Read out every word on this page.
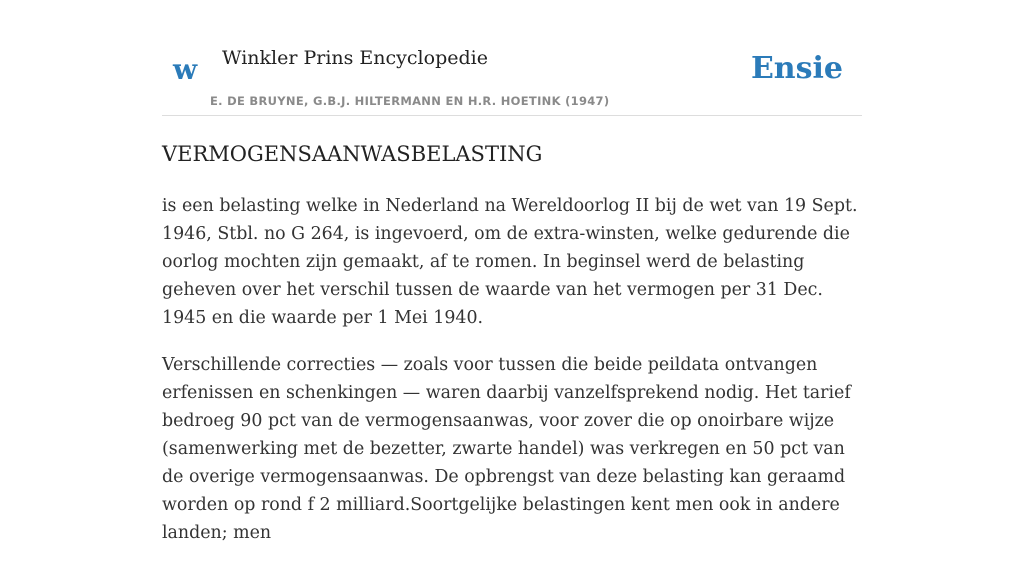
w Winkler Prins Encyclopedie
E. DE BRUYNE, G.B.J. HILTERMANN EN H.R. HOETINK (1947)
Ensie
VERMOGENSAANWASBELASTING

is een belasting welke in Nederland na Wereldoorlog II bij de wet van 19 Sept. 1946, Stbl. no G 264, is ingevoerd, om de extra-winsten, welke gedurende die oorlog mochten zijn gemaakt, af te romen. In beginsel werd de belasting geheven over het verschil tussen de waarde van het vermogen per 31 Dec. 1945 en die waarde per 1 Mei 1940.

Verschillende correcties — zoals voor tussen die beide peildata ontvangen erfenissen en schenkingen — waren daarbij vanzelfsprekend nodig. Het tarief bedroeg 90 pct van de vermogensaanwas, voor zover die op onoirbare wijze (samenwerking met de bezetter, zwarte handel) was verkregen en 50 pct van de overige vermogensaanwas. De opbrengst van deze belasting kan geraamd worden op rond f 2 milliard.Soortgelijke belastingen kent men ook in andere landen; men
